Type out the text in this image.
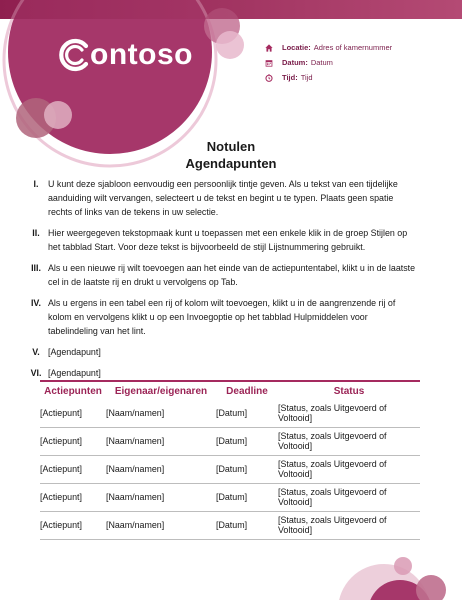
ontoso	Locatie: Adres of kamernummer
Datum: Datum
Tijd: Tijd
Notulen
Agendapunten
I.	U kunt deze sjabloon eenvoudig een persoonlijk tintje geven. Als u tekst van een tijdelijke aanduiding wilt vervangen, selecteert u de tekst en begint u te typen. Plaats geen spatie rechts of links van de tekens in uw selectie.
II. Hier weergegeven tekstopmaak kunt u toepassen met een enkele klik in de groep Stijlen op het tabblad Start. Voor deze tekst is bijvoorbeeld de stijl Lijstnummering gebruikt.
III. Als u een nieuwe rij wilt toevoegen aan het einde van de actiepuntentabel, klikt u in de laatste cel in de laatste rij en drukt u vervolgens op Tab.
IV. Als u ergens in een tabel een rij of kolom wilt toevoegen, klikt u in de aangrenzende rij of kolom en vervolgens klikt u op een Invoegoptie op het tabblad Hulpmiddelen voor tabelindeling van het lint.
V. [Agendapunt]
VI. [Agendapunt]
Actiepunten	Eigenaar/eigenaren	Deadline	Status
[Actiepunt]	[Naam/namen]	[Datum]	[Status, zoals Uitgevoerd of Voltooid]
[Actiepunt]	[Naam/namen]	[Datum]	[Status, zoals Uitgevoerd of Voltooid]
[Actiepunt]	[Naam/namen]	[Datum]	[Status, zoals Uitgevoerd of Voltooid]
[Actiepunt]	[Naam/namen]	[Datum]	[Status, zoals Uitgevoerd of Voltooid]
[Actiepunt]	[Naam/namen]	[Datum]	[Status, zoals Uitgevoerd of Voltooid]
